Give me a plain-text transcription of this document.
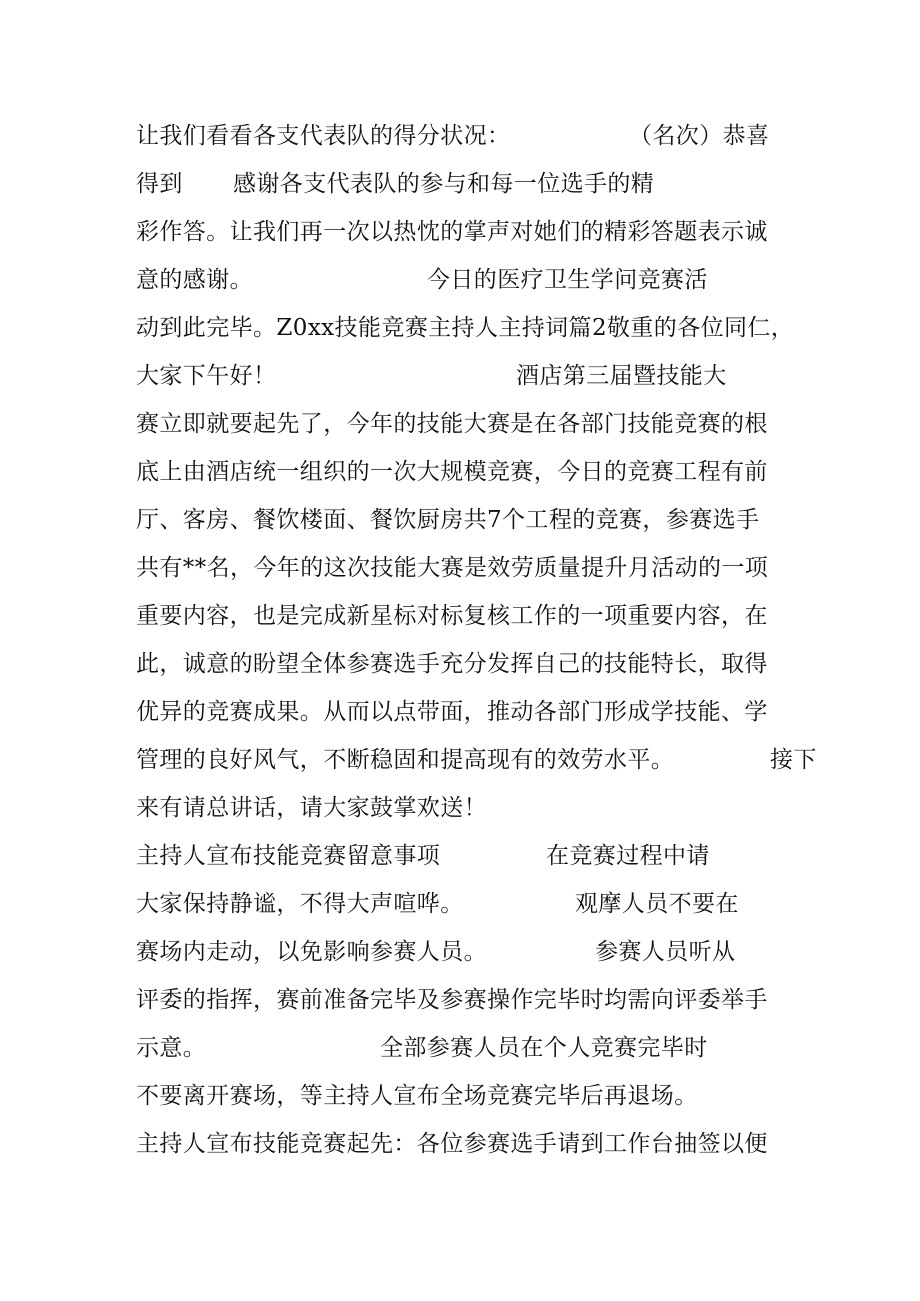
让我们看看各支代表队的得分状况：	（名次）恭喜
得到 感谢各支代表队的参与和每一位选手的精
彩作答。让我们再一次以热忱的掌声对她们的精彩答题表示诚
意的感谢。	今日的医疗卫生学问竞赛活
动到此完毕。Z0xx技能竞赛主持人主持词篇2敬重的各位同仁，
大家下午好！	酒店第三届暨技能大
赛立即就要起先了，今年的技能大赛是在各部门技能竞赛的根
底上由酒店统一组织的一次大规模竞赛，今日的竞赛工程有前
厅、客房、餐饮楼面、餐饮厨房共7个工程的竞赛，参赛选手
共有**名，今年的这次技能大赛是效劳质量提升月活动的一项
重要内容，也是完成新星标对标复核工作的一项重要内容，在
此，诚意的盼望全体参赛选手充分发挥自己的技能特长，取得
优异的竞赛成果。从而以点带面，推动各部门形成学技能、学
管理的良好风气，不断稳固和提高现有的效劳水平。	接下
来有请总讲话，请大家鼓掌欢送！
主持人宣布技能竞赛留意事项	在竞赛过程中请
大家保持静谧，不得大声喧哗。	观摩人员不要在
赛场内走动，以免影响参赛人员。	参赛人员听从
评委的指挥，赛前准备完毕及参赛操作完毕时均需向评委举手
示意。	全部参赛人员在个人竞赛完毕时
不要离开赛场，等主持人宣布全场竞赛完毕后再退场。
主持人宣布技能竞赛起先：各位参赛选手请到工作台抽签以便
